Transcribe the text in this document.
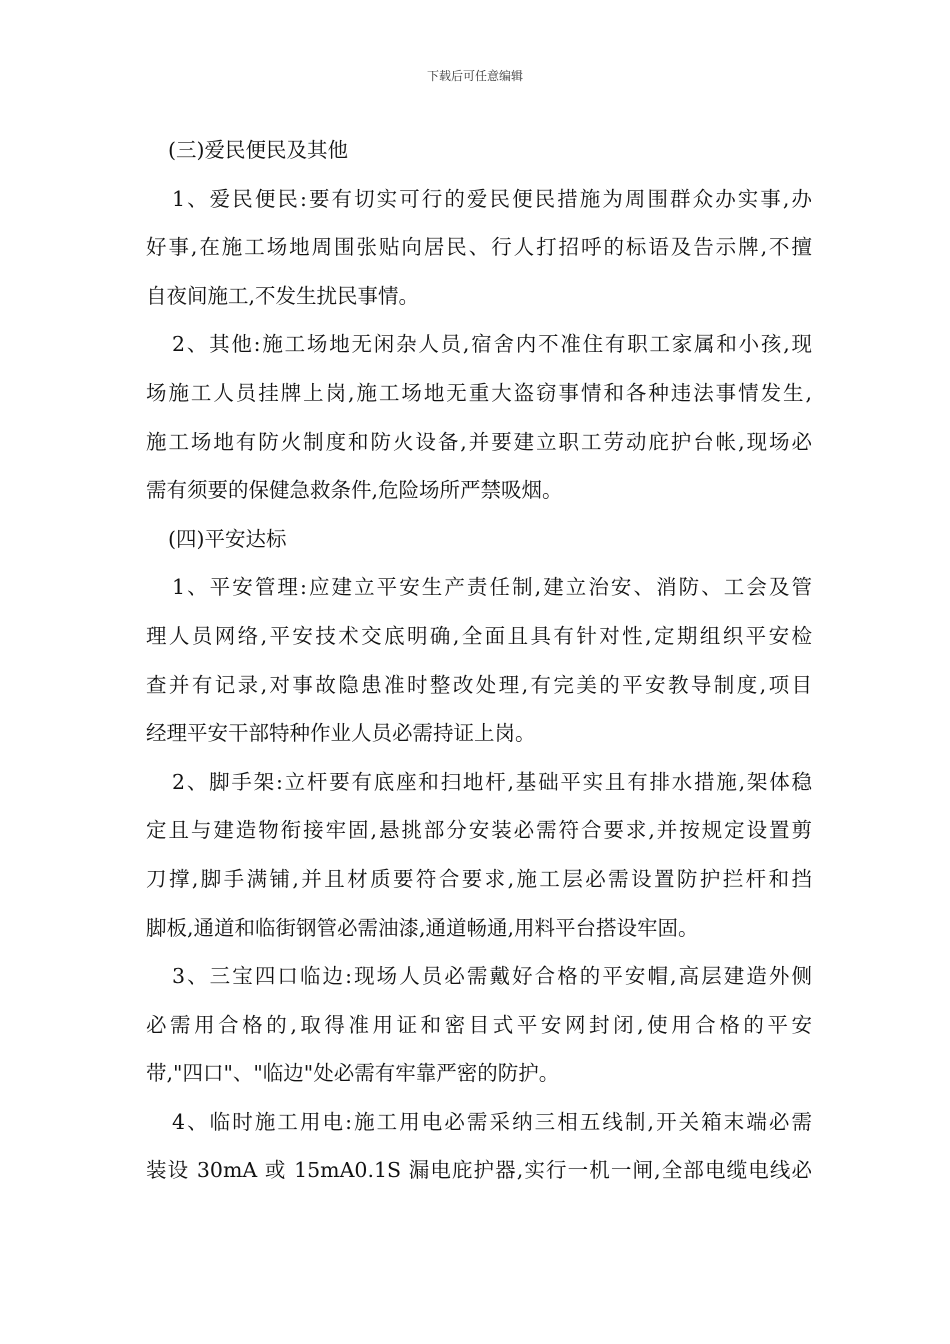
下载后可任意编辑
(三)爱民便民及其他
1、爱民便民:要有切实可行的爱民便民措施为周围群众办实事,办
好事,在施工场地周围张贴向居民、行人打招呼的标语及告示牌,不擅
自夜间施工,不发生扰民事情。
2、其他:施工场地无闲杂人员,宿舍内不准住有职工家属和小孩,现
场施工人员挂牌上岗,施工场地无重大盗窃事情和各种违法事情发生,
施工场地有防火制度和防火设备,并要建立职工劳动庇护台帐,现场必
需有须要的保健急救条件,危险场所严禁吸烟。
(四)平安达标
1、平安管理:应建立平安生产责任制,建立治安、消防、工会及管
理人员网络,平安技术交底明确,全面且具有针对性,定期组织平安检
查并有记录,对事故隐患准时整改处理,有完美的平安教导制度,项目
经理平安干部特种作业人员必需持证上岗。
2、脚手架:立杆要有底座和扫地杆,基础平实且有排水措施,架体稳
定且与建造物衔接牢固,悬挑部分安装必需符合要求,并按规定设置剪
刀撑,脚手满铺,并且材质要符合要求,施工层必需设置防护拦杆和挡
脚板,通道和临街钢管必需油漆,通道畅通,用料平台搭设牢固。
3、三宝四口临边:现场人员必需戴好合格的平安帽,高层建造外侧
必需用合格的,取得准用证和密目式平安网封闭,使用合格的平安
带,"四口"、"临边"处必需有牢靠严密的防护。
4、临时施工用电:施工用电必需采纳三相五线制,开关箱末端必需
装设 30mA 或 15mA0.1S 漏电庇护器,实行一机一闸,全部电缆电线必
